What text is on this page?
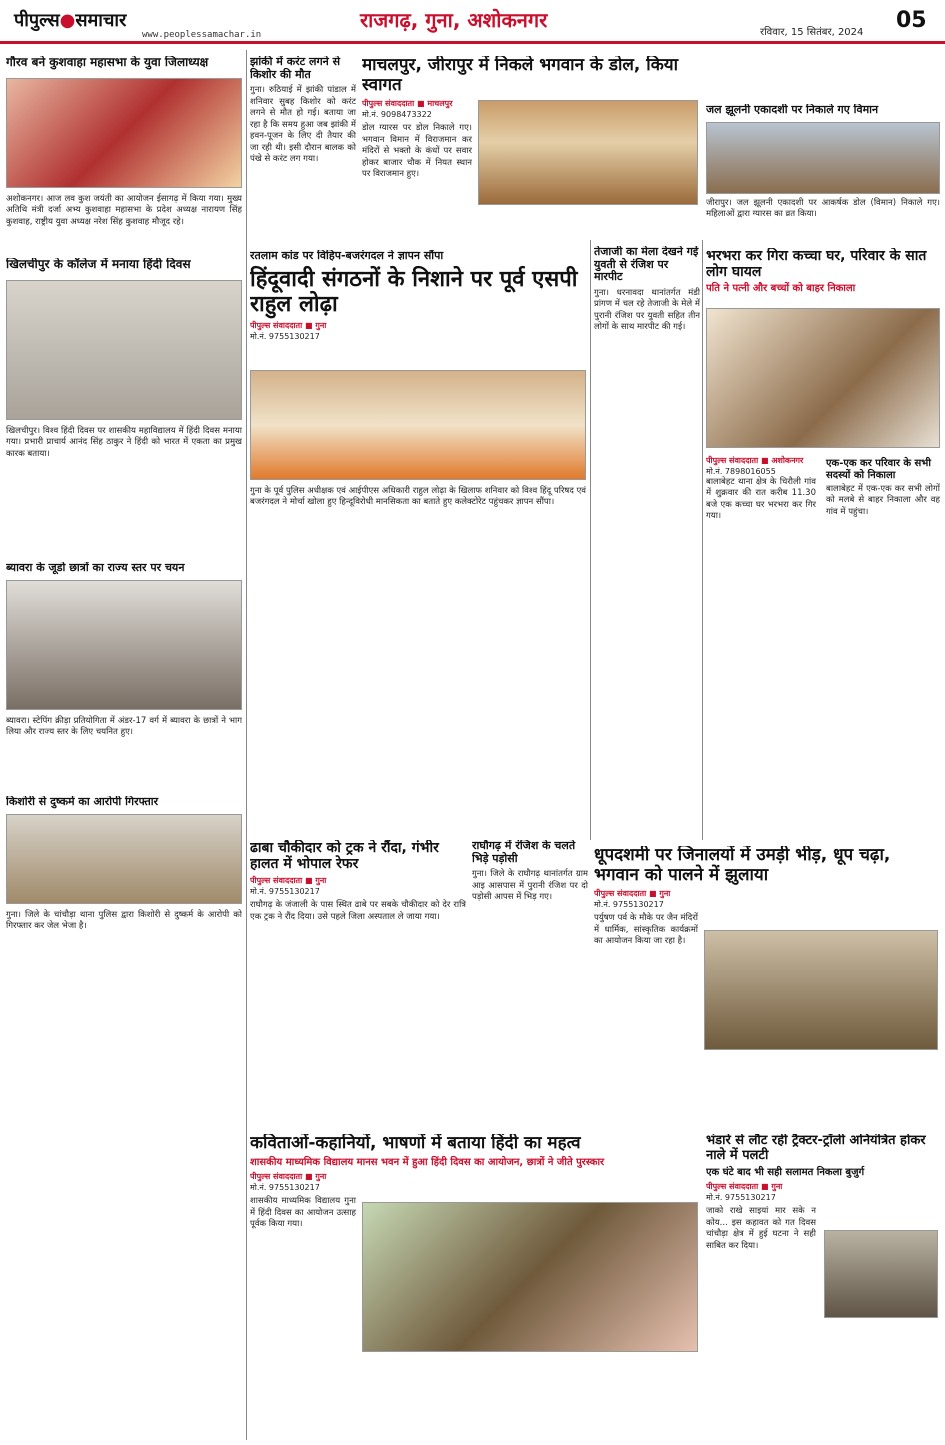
पीपुल्स●समाचार
www.peoplessamachar.in
राजगढ़, गुना, अशोकनगर
रविवार, 15 सितंबर, 2024 05
गौरव बने कुशवाहा महासभा के युवा जिलाध्यक्ष
अशोकनगर। आज लव कुश जयंती का आयोजन ईसागढ़ में किया गया। मुख्य अतिथि मंत्री दर्जा अभ्य कुशवाहा महासभा के प्रदेश अध्यक्ष नारायण सिंह कुशवाह, राष्ट्रीय युवा अध्यक्ष नरेश सिंह कुशवाह मौजूद रहे।
झांकी में करंट लगने से किशोर की मौत
गुना। रुठियाई में झांकी पांडाल में शनिवार सुबह किशोर को करंट लगने से मौत हो गई। बताया जा रहा है कि समय हुआ जब झांकी में हवन-पूजन के लिए दी तैयार की जा रही थी। इसी दौरान बालक को पंखे से करंट लग गया।
माचलपुर, जीरापुर में निकले भगवान के डोल, किया स्वागत
पीपुल्स संवाददाता ■ माचलपुर
मो.नं. 9098473322
डोल ग्यारस पर डोल निकाले गए। भगवान विमान में विराजमान कर मंदिरों से भक्तो के कंधों पर सवार होकर बाजार चौक में नियत स्थान पर विराजमान हुए।
जल झूलनी एकादशी पर निकाले गए विमान
जीरापुर। जल झूलनी एकादशी पर आकर्षक डोल (विमान) निकाले गए। महिलाओं द्वारा ग्यारस का व्रत किया।
खिलचीपुर के कॉलेज में मनाया हिंदी दिवस
खिलचीपुर। विश्व हिंदी दिवस पर शासकीय महाविद्यालय में हिंदी दिवस मनाया गया। प्रभारी प्राचार्य आनंद सिंह ठाकुर ने हिंदी को भारत में एकता का प्रमुख कारक बताया।
रतलाम कांड पर विहिप-बजरंगदल ने ज्ञापन सौंपा
हिंदूवादी संगठनों के निशाने पर पूर्व एसपी राहुल लोढ़ा
पीपुल्स संवाददाता ■ गुना
मो.नं. 9755130217
गुना के पूर्व पुलिस अधीक्षक एवं आईपीएस अधिकारी राहुल लोढ़ा के खिलाफ शनिवार को विश्व हिंदू परिषद एवं बजरंगदल ने मोर्चा खोला हुए हिन्दूविरोधी मानसिकता का बताते हुए कलेक्टोरेट पहुंचकर ज्ञापन सौंपा।
तेजाजी का मेला देखने गई युवती से रंजिश पर मारपीट
गुना। धरनावदा थानांतर्गत मंडी प्रांगण में चल रहे तेजाजी के मेले में पुरानी रंजिश पर युवती सहित तीन लोगों के साथ मारपीट की गई।
भरभरा कर गिरा कच्चा घर, परिवार के सात लोग घायल
पति ने पत्नी और बच्चों को बाहर निकाला
पीपुल्स संवाददाता ■ अशोकनगर
मो.नं. 7898016055
बालाबेहट थाना क्षेत्र के चिरौली गांव में शुक्रवार की रात करीब 11.30 बजे एक कच्चा घर भरभरा कर गिर गया।
एक-एक कर परिवार के सभी सदस्यों को निकाला
बालाबेहट में एक-एक कर सभी लोगों को मलबे से बाहर निकाला और वह गांव में पहुंचा।
ब्यावरा के जूडो छात्रों का राज्य स्तर पर चयन
ब्यावरा। स्टेपिंग क्रीड़ा प्रतियोगिता में अंडर-17 वर्ग में ब्यावरा के छात्रों ने भाग लिया और राज्य स्तर के लिए चयनित हुए।
ढाबा चौकीदार को ट्रक ने रौंदा, गंभीर हालत में भोपाल रेफर
पीपुल्स संवाददाता ■ गुना
मो.नं. 9755130217
राघौगढ़ के जंजाली के पास स्थित ढाबे पर सबके चौकीदार को देर रात्रि एक ट्रक ने रौंद दिया। उसे पहले जिला अस्पताल ले जाया गया।
राघौगढ़ में रंजिश के चलते भिड़े पड़ोसी
गुना। जिले के राघौगढ़ थानांतर्गत ग्राम आइ आसपास में पुरानी रंजिश पर दो पड़ोसी आपस में भिड़ गए।
धूपदशमी पर जिनालयों में उमड़ी भीड़, धूप चढ़ा, भगवान को पालने में झुलाया
पीपुल्स संवाददाता ■ गुना
मो.नं. 9755130217
पर्युषण पर्व के मौके पर जैन मंदिरों में धार्मिक, सांस्कृतिक कार्यक्रमों का आयोजन किया जा रहा है।
किशोरी से दुष्कर्म का आरोपी गिरफ्तार
गुना। जिले के चांचौड़ा थाना पुलिस द्वारा किशोरी से दुष्कर्म के आरोपी को गिरफ्तार कर जेल भेजा है।
कविताओं-कहानियों, भाषणों में बताया हिंदी का महत्व
शासकीय माध्यमिक विद्यालय मानस भवन में हुआ हिंदी दिवस का आयोजन, छात्रों ने जीते पुरस्कार
पीपुल्स संवाददाता ■ गुना
मो.नं. 9755130217
शासकीय माध्यमिक विद्यालय गुना में हिंदी दिवस का आयोजन उत्साह पूर्वक किया गया।
भंडारे से लौट रही ट्रैक्टर-ट्रॉली अनियंत्रित होकर नाले में पलटी
एक घंटे बाद भी सही सलामत निकला बुजुर्ग
पीपुल्स संवाददाता ■ गुना
मो.नं. 9755130217
जाको राखे साइयां मार सके न कोय... इस कहावत को गत दिवस चांचौड़ा क्षेत्र में हुई घटना ने सही साबित कर दिया।
